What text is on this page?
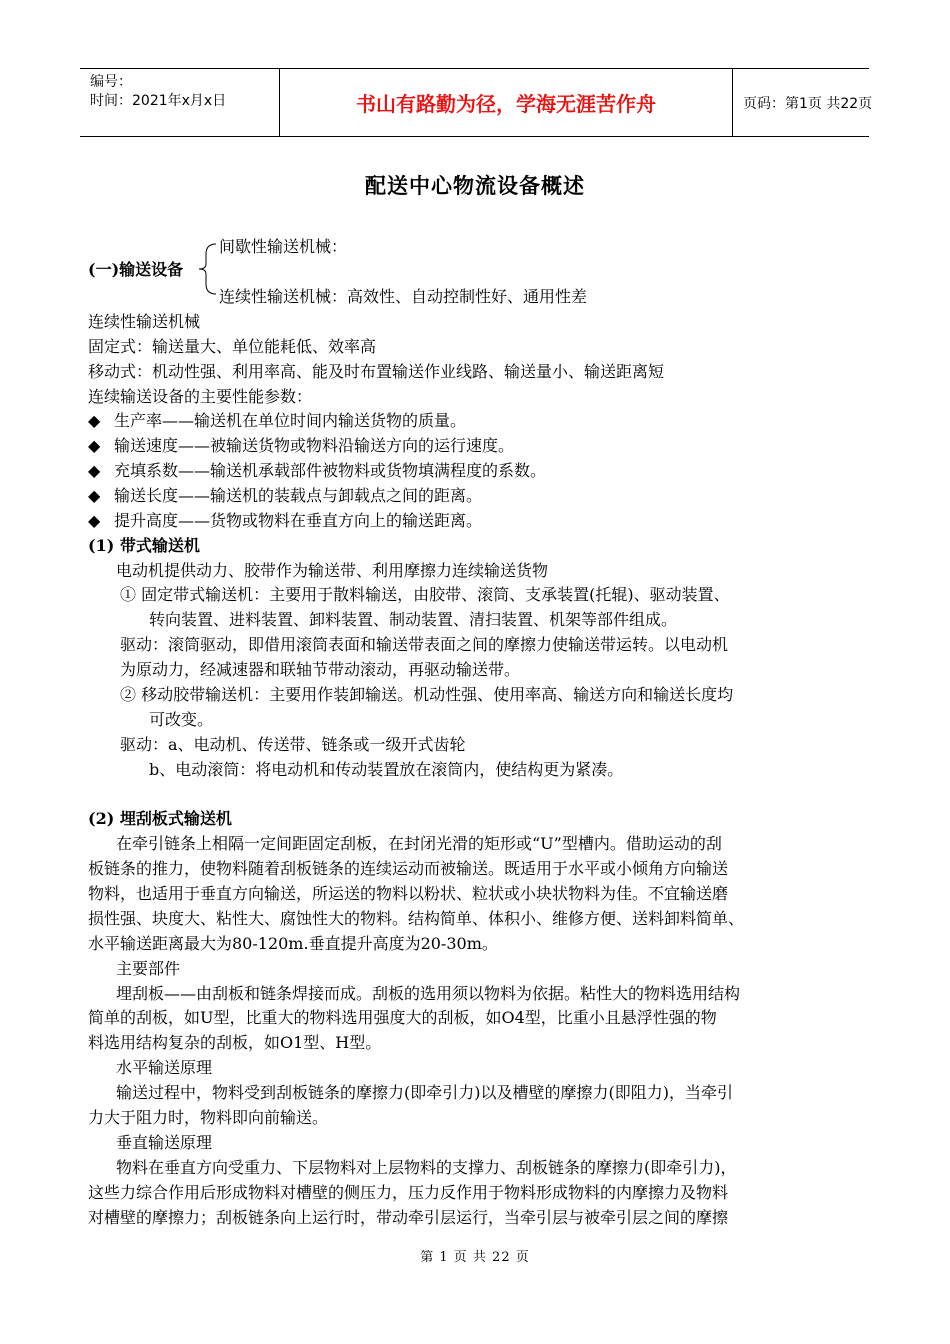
编号：
时间：2021年x月x日	书山有路勤为径，学海无涯苦作舟	页码：第1页 共22页
配送中心物流设备概述
(一)输送设备
间歇性输送机械：
连续性输送机械：高效性、自动控制性好、通用性差
连续性输送机械
固定式：输送量大、单位能耗低、效率高
移动式：机动性强、利用率高、能及时布置输送作业线路、输送量小、输送距离短
连续输送设备的主要性能参数：
◆ 生产率——输送机在单位时间内输送货物的质量。
◆ 输送速度——被输送货物或物料沿输送方向的运行速度。
◆ 充填系数——输送机承载部件被物料或货物填满程度的系数。
◆ 输送长度——输送机的装载点与卸载点之间的距离。
◆ 提升高度——货物或物料在垂直方向上的输送距离。
(1) 带式输送机
电动机提供动力、胶带作为输送带、利用摩擦力连续输送货物
① 固定带式输送机：主要用于散料输送，由胶带、滚筒、支承装置(托辊)、驱动装置、
转向装置、进料装置、卸料装置、制动装置、清扫装置、机架等部件组成。
驱动：滚筒驱动，即借用滚筒表面和输送带表面之间的摩擦力使输送带运转。以电动机
为原动力，经减速器和联轴节带动滚动，再驱动输送带。
② 移动胶带输送机：主要用作装卸输送。机动性强、使用率高、输送方向和输送长度均
可改变。
驱动：a、电动机、传送带、链条或一级开式齿轮
b、电动滚筒：将电动机和传动装置放在滚筒内，使结构更为紧凑。
(2) 埋刮板式输送机
在牵引链条上相隔一定间距固定刮板，在封闭光滑的矩形或“U”型槽内。借助运动的刮
板链条的推力，使物料随着刮板链条的连续运动而被输送。既适用于水平或小倾角方向输送
物料，也适用于垂直方向输送，所运送的物料以粉状、粒状或小块状物料为佳。不宜输送磨
损性强、块度大、粘性大、腐蚀性大的物料。结构简单、体积小、维修方便、送料卸料简单、
水平输送距离最大为80-120m.垂直提升高度为20-30m。
主要部件
埋刮板——由刮板和链条焊接而成。刮板的选用须以物料为依据。粘性大的物料选用结构
简单的刮板，如U型，比重大的物料选用强度大的刮板，如O4型，比重小且悬浮性强的物
料选用结构复杂的刮板，如O1型、H型。
水平输送原理
输送过程中，物料受到刮板链条的摩擦力(即牵引力)以及槽壁的摩擦力(即阻力)，当牵引
力大于阻力时，物料即向前输送。
垂直输送原理
物料在垂直方向受重力、下层物料对上层物料的支撑力、刮板链条的摩擦力(即牵引力)，
这些力综合作用后形成物料对槽壁的侧压力，压力反作用于物料形成物料的内摩擦力及物料
对槽壁的摩擦力；刮板链条向上运行时，带动牵引层运行，当牵引层与被牵引层之间的摩擦
第 1 页 共 22 页
